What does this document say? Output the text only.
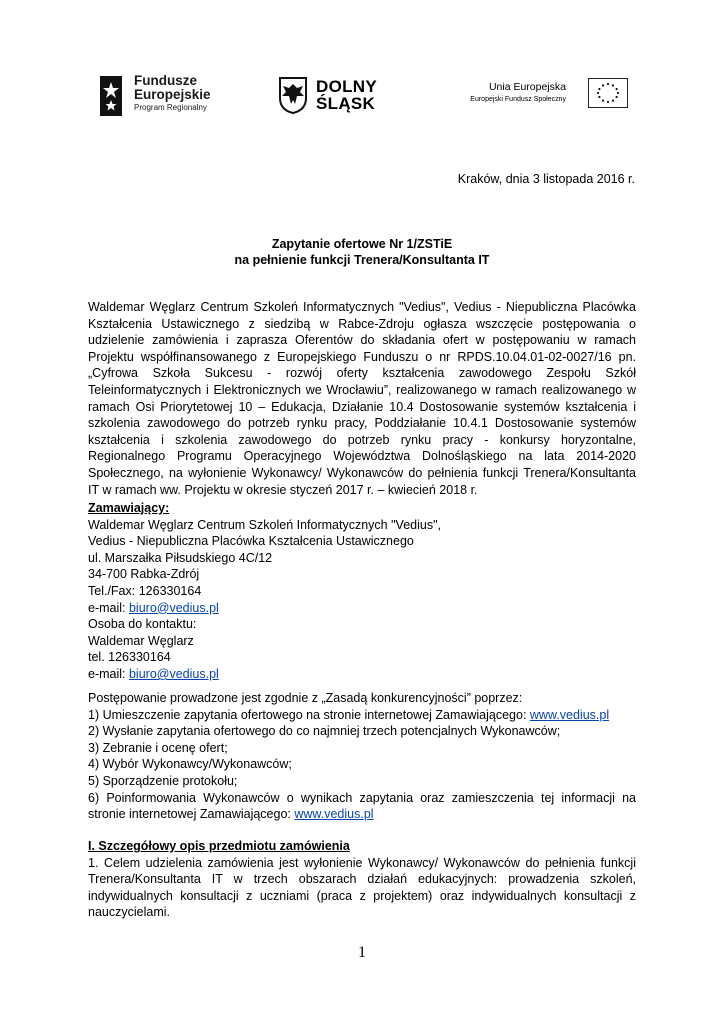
Fundusze
Europejskie
Program Regionalny
DOLNY
ŚLĄSK
Unia Europejska
Europejski Fundusz Społeczny
Kraków, dnia 3 listopada 2016 r.
Zapytanie ofertowe Nr 1/ZSTiE
na pełnienie funkcji Trenera/Konsultanta IT
Waldemar Węglarz Centrum Szkoleń Informatycznych "Vedius", Vedius - Niepubliczna Placówka Kształcenia Ustawicznego z siedzibą w Rabce-Zdroju ogłasza wszczęcie postępowania o udzielenie zamówienia i zaprasza Oferentów do składania ofert w postępowaniu w ramach Projektu współfinansowanego z Europejskiego Funduszu o nr RPDS.10.04.01-02-0027/16 pn. „Cyfrowa Szkoła Sukcesu - rozwój oferty kształcenia zawodowego Zespołu Szkół Teleinformatycznych i Elektronicznych we Wrocławiu”, realizowanego w ramach realizowanego w ramach Osi Priorytetowej 10 – Edukacja, Działanie 10.4 Dostosowanie systemów kształcenia i szkolenia zawodowego do potrzeb rynku pracy, Poddziałanie 10.4.1 Dostosowanie systemów kształcenia i szkolenia zawodowego do potrzeb rynku pracy - konkursy horyzontalne, Regionalnego Programu Operacyjnego Województwa Dolnośląskiego na lata 2014-2020 Społecznego, na wyłonienie Wykonawcy/ Wykonawców do pełnienia funkcji Trenera/Konsultanta IT w ramach ww. Projektu w okresie styczeń 2017 r. – kwiecień 2018 r.
Zamawiający:
Waldemar Węglarz Centrum Szkoleń Informatycznych "Vedius",
Vedius - Niepubliczna Placówka Kształcenia Ustawicznego
ul. Marszałka Piłsudskiego 4C/12
34-700 Rabka-Zdrój
Tel./Fax: 126330164
e-mail: biuro@vedius.pl
Osoba do kontaktu:
Waldemar Węglarz
tel. 126330164
e-mail: biuro@vedius.pl
Postępowanie prowadzone jest zgodnie z „Zasadą konkurencyjności” poprzez:
1) Umieszczenie zapytania ofertowego na stronie internetowej Zamawiającego: www.vedius.pl
2) Wysłanie zapytania ofertowego do co najmniej trzech potencjalnych Wykonawców;
3) Zebranie i ocenę ofert;
4) Wybór Wykonawcy/Wykonawców;
5) Sporządzenie protokołu;
6) Poinformowania Wykonawców o wynikach zapytania oraz zamieszczenia tej informacji na stronie internetowej Zamawiającego: www.vedius.pl
I. Szczegółowy opis przedmiotu zamówienia
1. Celem udzielenia zamówienia jest wyłonienie Wykonawcy/ Wykonawców do pełnienia funkcji Trenera/Konsultanta IT w trzech obszarach działań edukacyjnych: prowadzenia szkoleń, indywidualnych konsultacji z uczniami (praca z projektem) oraz indywidualnych konsultacji z nauczycielami.
1
